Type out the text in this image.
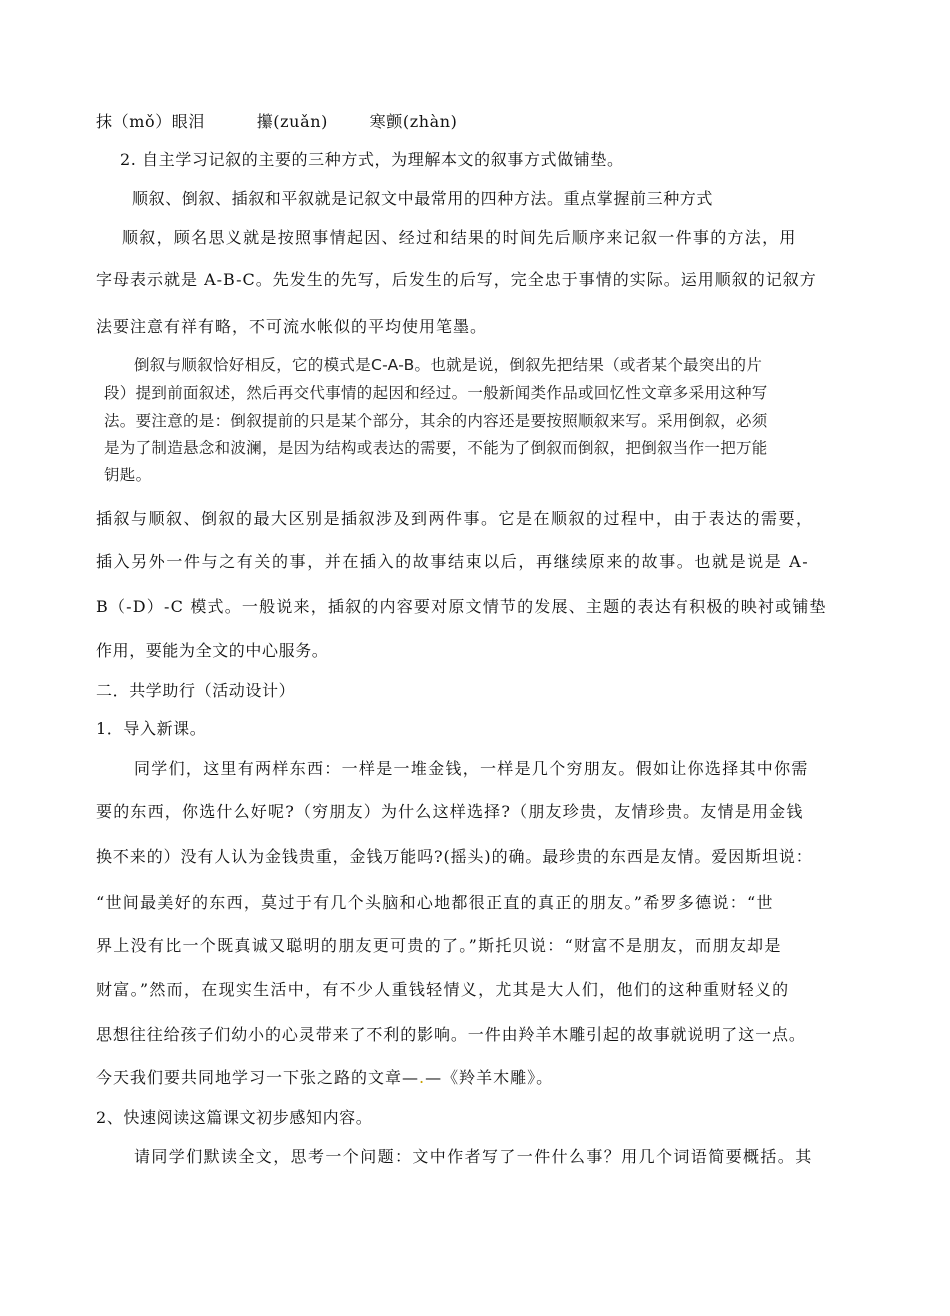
抹（mǒ）眼泪	攥(zuǎn)	寒颤(zhàn)
2. 自主学习记叙的主要的三种方式，为理解本文的叙事方式做铺垫。
顺叙、倒叙、插叙和平叙就是记叙文中最常用的四种方法。重点掌握前三种方式
顺叙，顾名思义就是按照事情起因、经过和结果的时间先后顺序来记叙一件事的方法，用
字母表示就是 A-B-C。先发生的先写，后发生的后写，完全忠于事情的实际。运用顺叙的记叙方
法要注意有祥有略，不可流水帐似的平均使用笔墨。
倒叙与顺叙恰好相反，它的模式是C-A-B。也就是说，倒叙先把结果（或者某个最突出的片
段）提到前面叙述，然后再交代事情的起因和经过。一般新闻类作品或回忆性文章多采用这种写
法。要注意的是：倒叙提前的只是某个部分，其余的内容还是要按照顺叙来写。采用倒叙，必须
是为了制造悬念和波澜，是因为结构或表达的需要，不能为了倒叙而倒叙，把倒叙当作一把万能
钥匙。
插叙与顺叙、倒叙的最大区别是插叙涉及到两件事。它是在顺叙的过程中，由于表达的需要，
插入另外一件与之有关的事，并在插入的故事结束以后，再继续原来的故事。也就是说是 A-
B（-D）-C 模式。一般说来，插叙的内容要对原文情节的发展、主题的表达有积极的映衬或铺垫
作用，要能为全文的中心服务。
二．共学助行（活动设计）
1．导入新课。
同学们，这里有两样东西：一样是一堆金钱，一样是几个穷朋友。假如让你选择其中你需
要的东西，你选什么好呢?（穷朋友）为什么这样选择?（朋友珍贵，友情珍贵。友情是用金钱
换不来的）没有人认为金钱贵重，金钱万能吗?(摇头)的确。最珍贵的东西是友情。爱因斯坦说：
“世间最美好的东西，莫过于有几个头脑和心地都很正直的真正的朋友。”希罗多德说：“世
界上没有比一个既真诚又聪明的朋友更可贵的了。”斯托贝说：“财富不是朋友，而朋友却是
财富。”然而，在现实生活中，有不少人重钱轻情义，尤其是大人们，他们的这种重财轻义的
思想往往给孩子们幼小的心灵带来了不利的影响。一件由羚羊木雕引起的故事就说明了这一点。
今天我们要共同地学习一下张之路的文章—.—《羚羊木雕》。
2、快速阅读这篇课文初步感知内容。
请同学们默读全文，思考一个问题：文中作者写了一件什么事？用几个词语简要概括。其
